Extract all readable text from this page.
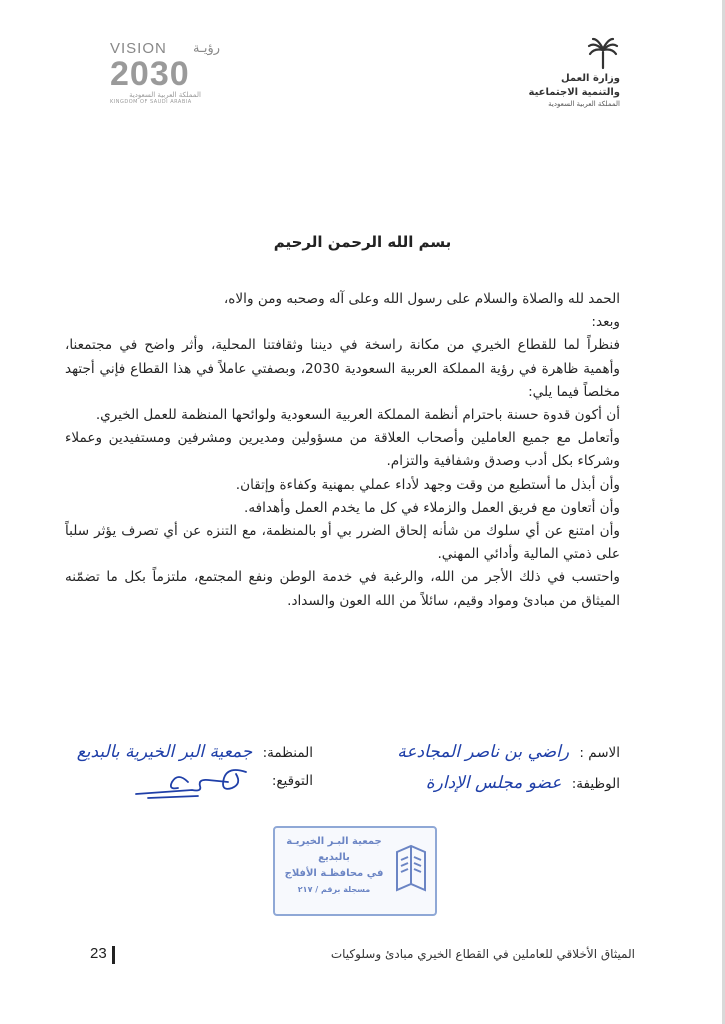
VISION رؤيـة
2030
المملكة العربية السعودية
KINGDOM OF SAUDI ARABIA
وزارة العمل
والتنمية الاجتماعية
المملكة العربية السعودية
بسم الله الرحمن الرحيم

الحمد لله والصلاة والسلام على رسول الله وعلى آله وصحبه ومن والاه،

وبعد:

فنظراً لما للقطاع الخيري من مكانة راسخة في ديننا وثقافتنا المحلية، وأثر واضح في مجتمعنا، وأهمية ظاهرة في رؤية المملكة العربية السعودية 2030، وبصفتي عاملاً في هذا القطاع فإني أجتهد مخلصاً فيما يلي:

أن أكون قدوة حسنة باحترام أنظمة المملكة العربية السعودية ولوائحها المنظمة للعمل الخيري.

وأتعامل مع جميع العاملين وأصحاب العلاقة من مسؤولين ومديرين ومشرفين ومستفيدين وعملاء وشركاء بكل أدب وصدق وشفافية والتزام.

وأن أبذل ما أستطيع من وقت وجهد لأداء عملي بمهنية وكفاءة وإتقان.

وأن أتعاون مع فريق العمل والزملاء في كل ما يخدم العمل وأهدافه.

وأن امتنع عن أي سلوك من شأنه إلحاق الضرر بي أو بالمنظمة، مع التنزه عن أي تصرف يؤثر سلباً على ذمتي المالية وأدائي المهني.

واحتسب في ذلك الأجر من الله، والرغبة في خدمة الوطن ونفع المجتمع، ملتزماً بكل ما تضمّنه الميثاق من مبادئ ومواد وقيم، سائلاً من الله العون والسداد.

الاسم : راضي بن ناصر المجادعة
المنظمة: جمعية البر الخيرية بالبديع
الوظيفة: عضو مجلس الإدارة
التوقيع:
جمعية البـر الخيريـة
بالبديع
في محافظـة الأفلاج
مسجلة برقم / ٢١٧
الميثاق الأخلاقي للعاملين في القطاع الخيري مبادئ وسلوكيات
23
